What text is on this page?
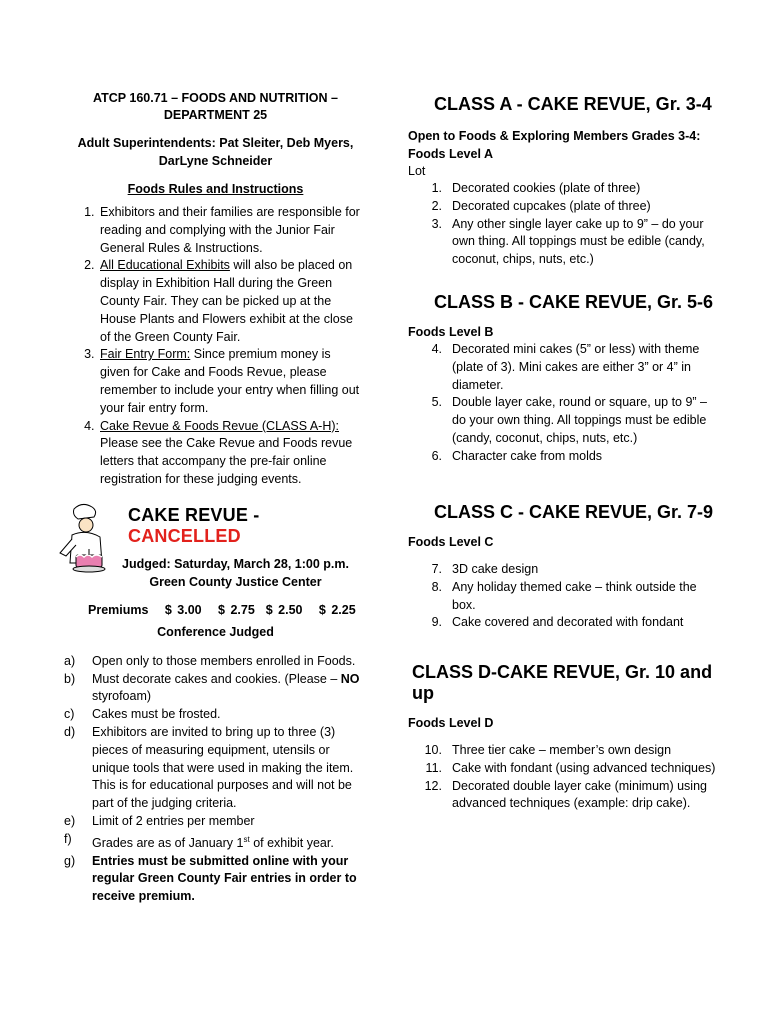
ATCP 160.71 – FOODS AND NUTRITION –
DEPARTMENT 25
Adult Superintendents: Pat Sleiter, Deb Myers,
DarLyne Schneider
Foods Rules and Instructions
1. Exhibitors and their families are responsible for reading and complying with the Junior Fair General Rules & Instructions.
2. All Educational Exhibits will also be placed on display in Exhibition Hall during the Green County Fair. They can be picked up at the House Plants and Flowers exhibit at the close of the Green County Fair.
3. Fair Entry Form: Since premium money is given for Cake and Foods Revue, please remember to include your entry when filling out your fair entry form.
4. Cake Revue & Foods Revue (CLASS A-H): Please see the Cake Revue and Foods revue letters that accompany the pre-fair online registration for these judging events.
CAKE REVUE - CANCELLED
Judged: Saturday, March 28, 1:00 p.m.
Green County Justice Center
Premiums   $ 3.00   $ 2.75  $ 2.50   $ 2.25
Conference Judged
a)	Open only to those members enrolled in Foods.
b)	Must decorate cakes and cookies. (Please – NO styrofoam)
c)	Cakes must be frosted.
d)	Exhibitors are invited to bring up to three (3) pieces of measuring equipment, utensils or unique tools that were used in making the item. This is for educational purposes and will not be part of the judging criteria.
e)	Limit of 2 entries per member
f)	Grades are as of January 1st of exhibit year.
g)	Entries must be submitted online with your regular Green County Fair entries in order to receive premium.
CLASS A - CAKE REVUE, Gr. 3-4
Open to Foods & Exploring Members Grades 3-4:
Foods Level A
Lot
1. Decorated cookies (plate of three)
2. Decorated cupcakes (plate of three)
3. Any other single layer cake up to 9” – do your own thing. All toppings must be edible (candy, coconut, chips, nuts, etc.)
CLASS B - CAKE REVUE, Gr. 5-6
Foods Level B
4. Decorated mini cakes (5” or less) with theme (plate of 3). Mini cakes are either 3” or 4” in diameter.
5. Double layer cake, round or square, up to 9” – do your own thing. All toppings must be edible (candy, coconut, chips, nuts, etc.)
6. Character cake from molds
CLASS C - CAKE REVUE, Gr. 7-9
Foods Level C
7. 3D cake design
8. Any holiday themed cake – think outside the box.
9. Cake covered and decorated with fondant
CLASS D-CAKE REVUE, Gr. 10 and up
Foods Level D
10. Three tier cake – member’s own design
11. Cake with fondant (using advanced techniques)
12. Decorated double layer cake (minimum) using advanced techniques (example: drip cake).
